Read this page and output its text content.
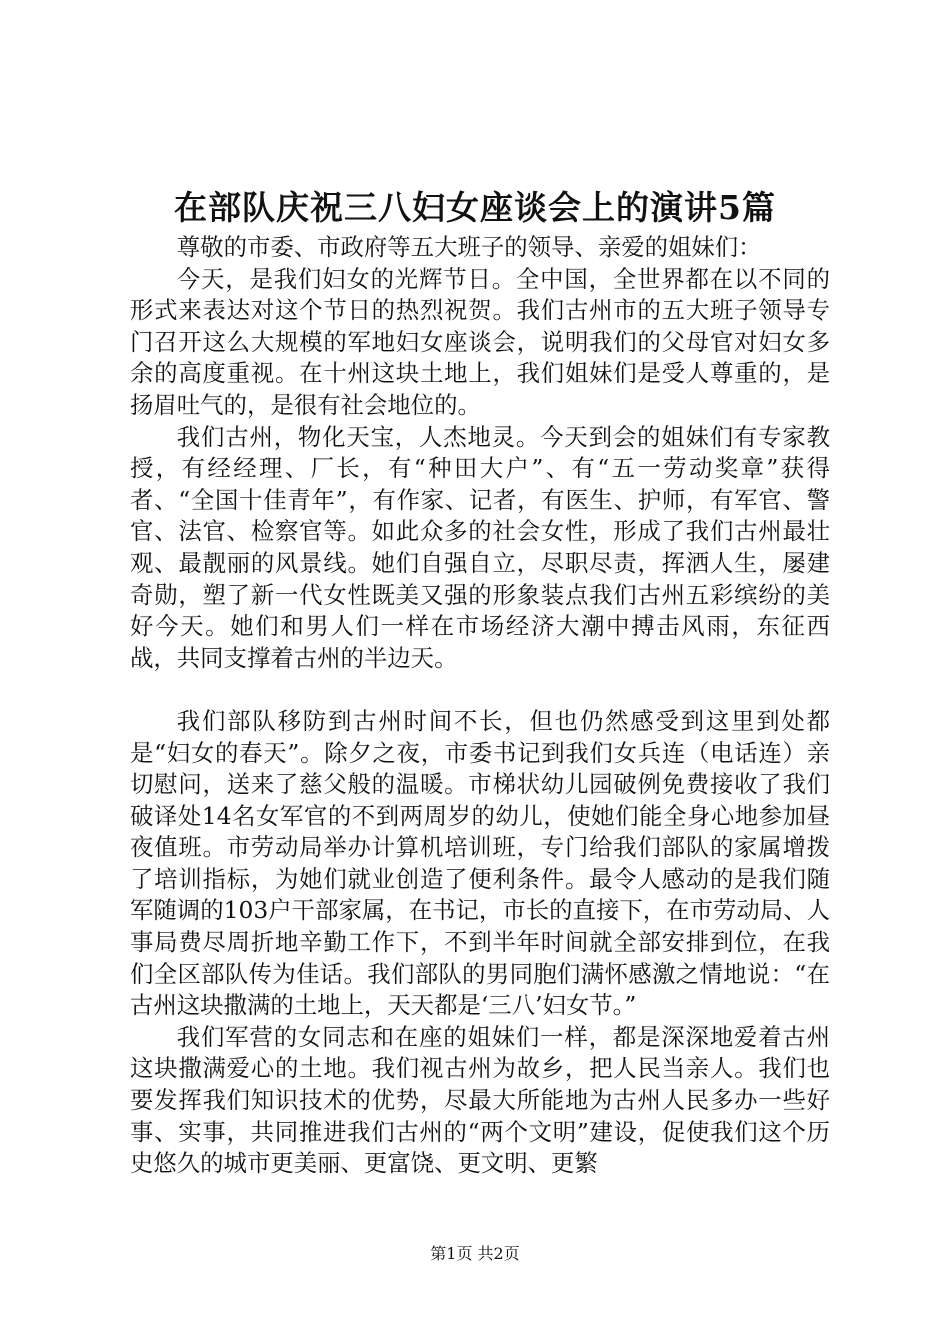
在部队庆祝三八妇女座谈会上的演讲5篇

尊敬的市委、市政府等五大班子的领导、亲爱的姐妹们：

今天，是我们妇女的光辉节日。全中国，全世界都在以不同的形式来表达对这个节日的热烈祝贺。我们古州市的五大班子领导专门召开这么大规模的军地妇女座谈会，说明我们的父母官对妇女多余的高度重视。在十州这块土地上，我们姐妹们是受人尊重的，是扬眉吐气的，是很有社会地位的。

我们古州，物化天宝，人杰地灵。今天到会的姐妹们有专家教授，有经经理、厂长，有“种田大户”、有“五一劳动奖章”获得者、“全国十佳青年”，有作家、记者，有医生、护师，有军官、警官、法官、检察官等。如此众多的社会女性，形成了我们古州最壮观、最靓丽的风景线。她们自强自立，尽职尽责，挥洒人生，屡建奇勋，塑了新一代女性既美又强的形象装点我们古州五彩缤纷的美好今天。她们和男人们一样在市场经济大潮中搏击风雨，东征西战，共同支撑着古州的半边天。

我们部队移防到古州时间不长，但也仍然感受到这里到处都是“妇女的春天”。除夕之夜，市委书记到我们女兵连（电话连）亲切慰问，送来了慈父般的温暖。市梯状幼儿园破例免费接收了我们破译处14名女军官的不到两周岁的幼儿，使她们能全身心地参加昼夜值班。市劳动局举办计算机培训班，专门给我们部队的家属增拨了培训指标，为她们就业创造了便利条件。最令人感动的是我们随军随调的103户干部家属，在书记，市长的直接下，在市劳动局、人事局费尽周折地辛勤工作下，不到半年时间就全部安排到位，在我们全区部队传为佳话。我们部队的男同胞们满怀感激之情地说：“在古州这块撒满的土地上，天天都是‘三八’妇女节。”

我们军营的女同志和在座的姐妹们一样，都是深深地爱着古州这块撒满爱心的土地。我们视古州为故乡，把人民当亲人。我们也要发挥我们知识技术的优势，尽最大所能地为古州人民多办一些好事、实事，共同推进我们古州的“两个文明”建设，促使我们这个历史悠久的城市更美丽、更富饶、更文明、更繁

第1页 共2页
